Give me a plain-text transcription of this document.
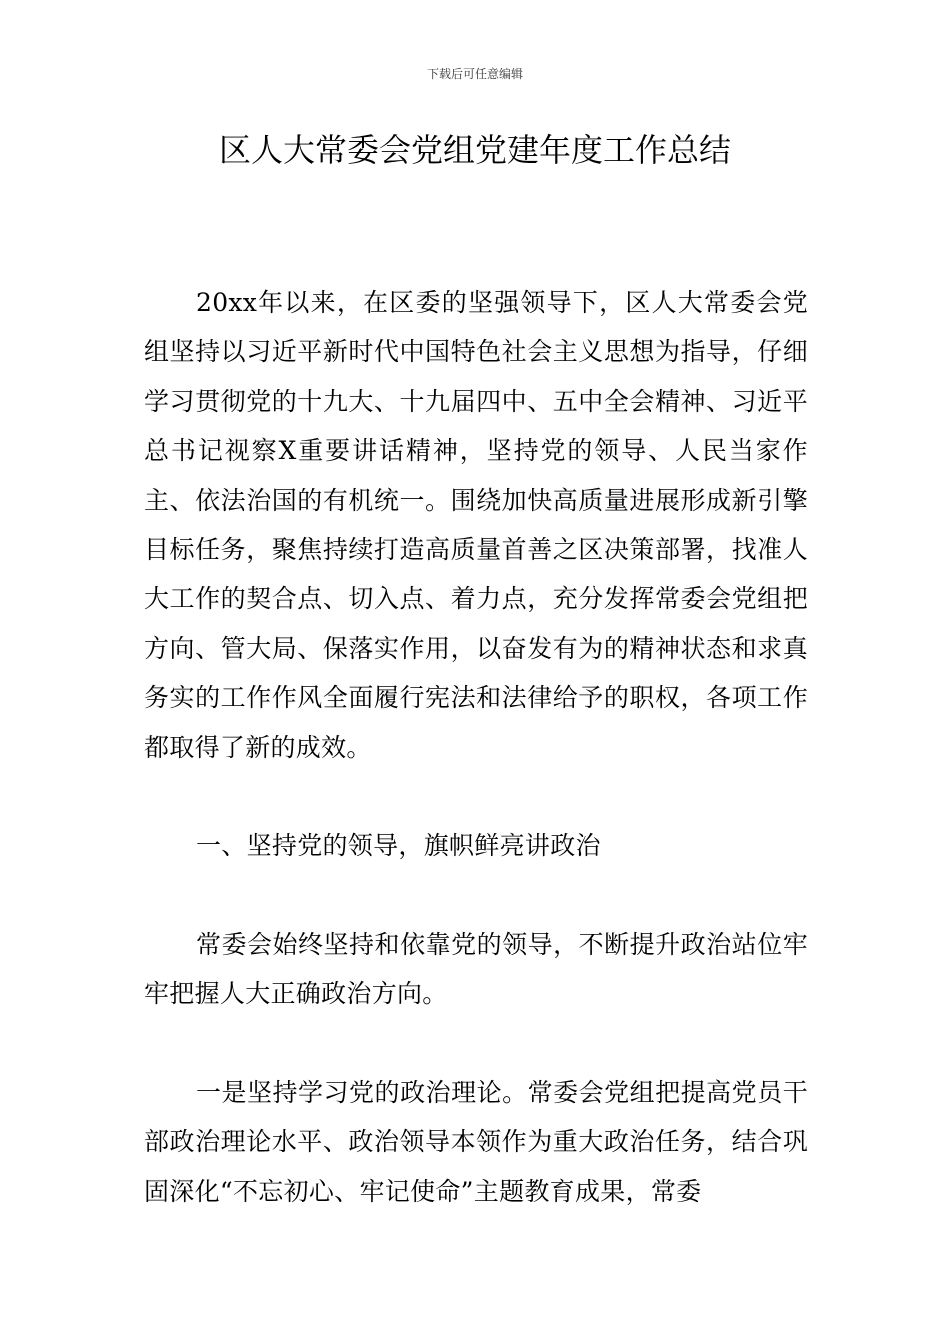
下载后可任意编辑
区人大常委会党组党建年度工作总结

20xx年以来，在区委的坚强领导下，区人大常委会党组坚持以习近平新时代中国特色社会主义思想为指导，仔细学习贯彻党的十九大、十九届四中、五中全会精神、习近平总书记视察X重要讲话精神，坚持党的领导、人民当家作主、依法治国的有机统一。围绕加快高质量进展形成新引擎目标任务，聚焦持续打造高质量首善之区决策部署，找准人大工作的契合点、切入点、着力点，充分发挥常委会党组把方向、管大局、保落实作用，以奋发有为的精神状态和求真务实的工作作风全面履行宪法和法律给予的职权，各项工作都取得了新的成效。

一、坚持党的领导，旗帜鲜亮讲政治

常委会始终坚持和依靠党的领导，不断提升政治站位牢牢把握人大正确政治方向。

一是坚持学习党的政治理论。常委会党组把提高党员干部政治理论水平、政治领导本领作为重大政治任务，结合巩固深化“不忘初心、牢记使命”主题教育成果，常委
